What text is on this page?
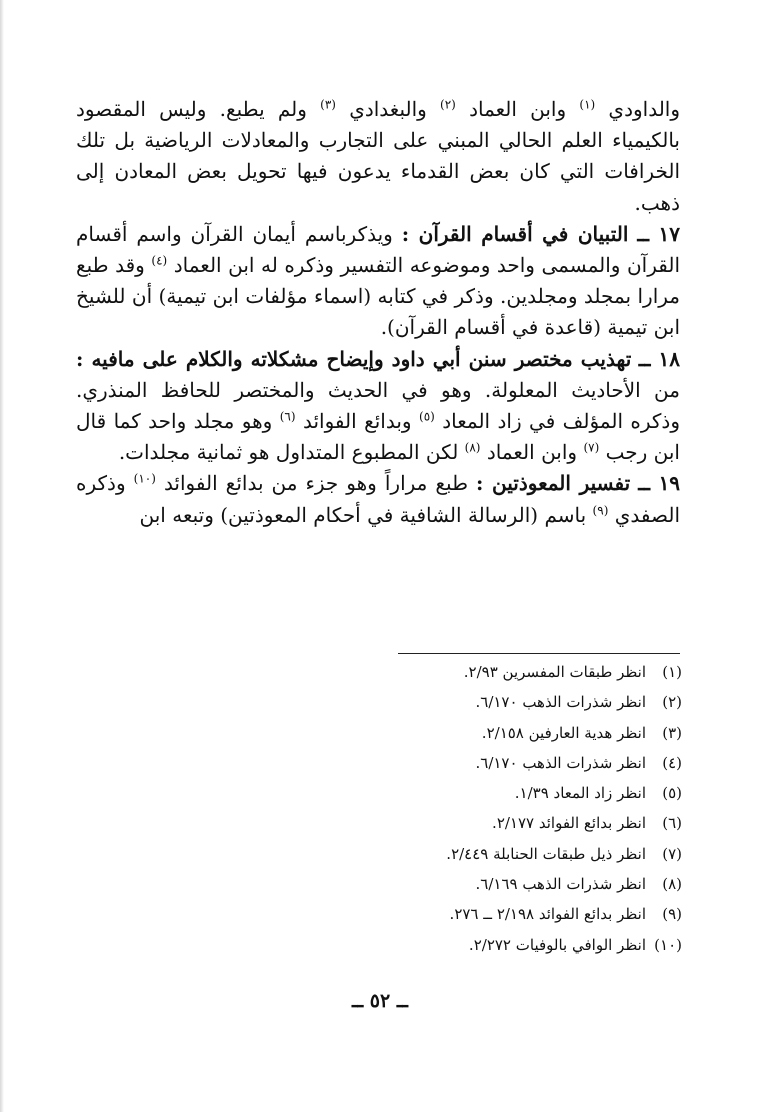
والداودي $^{(١)}$ وابن العماد $^{(٢)}$ والبغدادي $^{(٣)}$ ولم يطبع. وليس المقصود بالكيمياء العلم الحالي المبني على التجارب والمعادلات الرياضية بل تلك الخرافات التي كان بعض القدماء يدعون فيها تحويل بعض المعادن إلى ذهب.

١٧ ــ التبيان في أقسام القرآن : ويذكرباسم أيمان القرآن واسم أقسام القرآن والمسمى واحد وموضوعه التفسير وذكره له ابن العماد $^{(٤)}$ وقد طبع مرارا بمجلد ومجلدين. وذكر في كتابه (اسماء مؤلفات ابن تيمية) أن للشيخ ابن تيمية (قاعدة في أقسام القرآن).

١٨ ــ تهذيب مختصر سنن أبي داود وإيضاح مشكلاته والكلام على مافيه : من الأحاديث المعلولة. وهو في الحديث والمختصر للحافظ المنذري. وذكره المؤلف في زاد المعاد $^{(٥)}$ وبدائع الفوائد $^{(٦)}$ وهو مجلد واحد كما قال ابن رجب $^{(٧)}$ وابن العماد $^{(٨)}$ لكن المطبوع المتداول هو ثمانية مجلدات.

١٩ ــ تفسير المعوذتين : طبع مراراً وهو جزء من بدائع الفوائد $^{(١٠)}$ وذكره الصفدي $^{(٩)}$ باسم (الرسالة الشافية في أحكام المعوذتين) وتبعه ابن

(١)انظر طبقات المفسرين ٢/٩٣.
(٢)انظر شذرات الذهب ٦/١٧٠.
(٣)انظر هدية العارفين ٢/١٥٨.
(٤)انظر شذرات الذهب ٦/١٧٠.
(٥)انظر زاد المعاد ١/٣٩.
(٦)انظر بدائع الفوائد ٢/١٧٧.
(٧)انظر ذيل طبقات الحنابلة ٢/٤٤٩.
(٨)انظر شذرات الذهب ٦/١٦٩.
(٩)انظر بدائع الفوائد ٢/١٩٨ ــ ٢٧٦.
(١٠)انظر الوافي بالوفيات ٢/٢٧٢.
ــ ٥٢ ــ
